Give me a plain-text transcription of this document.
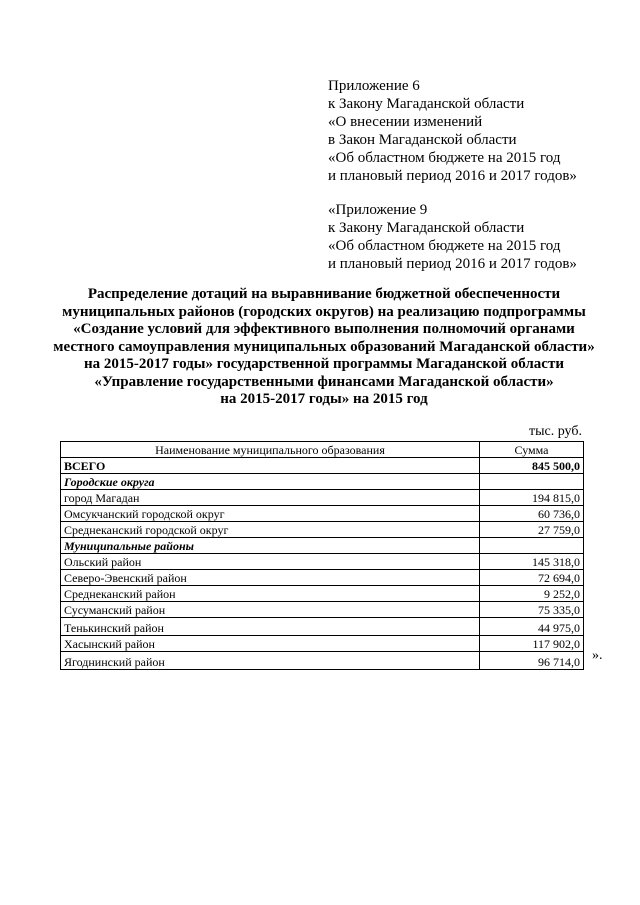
Приложение 6
к Закону Магаданской области
«О внесении изменений
в Закон Магаданской области
«Об областном бюджете на 2015 год
и плановый период 2016 и 2017 годов»
«Приложение 9
к Закону Магаданской области
«Об областном бюджете на 2015 год
и плановый период 2016 и 2017 годов»
Распределение дотаций на выравнивание бюджетной обеспеченности
муниципальных районов (городских округов) на реализацию подпрограммы
«Создание условий для эффективного выполнения полномочий органами
местного самоуправления муниципальных образований Магаданской области»
на 2015-2017 годы» государственной программы Магаданской области
«Управление государственными финансами Магаданской области»
на 2015-2017 годы» на 2015 год
тыс. руб.
Наименование муниципального образования	Сумма
ВСЕГО	845 500,0
Городские округа	
город Магадан	194 815,0
Омсукчанский городской округ	60 736,0
Среднеканский городской округ	27 759,0
Муниципальные районы	
Ольский район	145 318,0
Северо-Эвенский район	72 694,0
Среднеканский район	9 252,0
Сусуманский район	75 335,0
Тенькинский район	44 975,0
Хасынский район	117 902,0
Ягоднинский район	96 714,0 ».
